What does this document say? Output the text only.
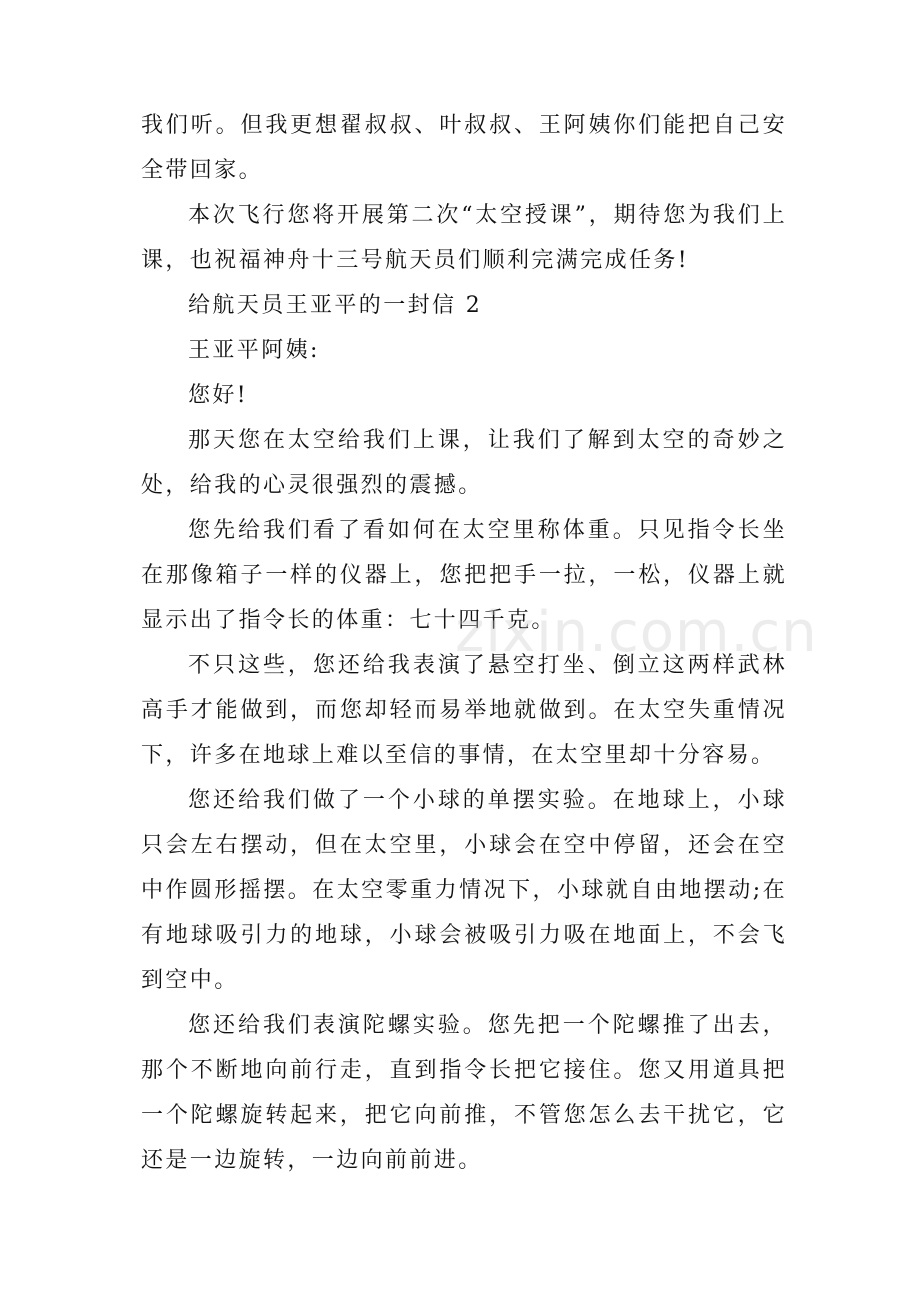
我们听。但我更想翟叔叔、叶叔叔、王阿姨你们能把自己安全带回家。

本次飞行您将开展第二次“太空授课”，期待您为我们上课，也祝福神舟十三号航天员们顺利完满完成任务!

给航天员王亚平的一封信 2

王亚平阿姨:

您好!

那天您在太空给我们上课，让我们了解到太空的奇妙之处，给我的心灵很强烈的震撼。

您先给我们看了看如何在太空里称体重。只见指令长坐在那像箱子一样的仪器上，您把把手一拉，一松，仪器上就显示出了指令长的体重：七十四千克。

不只这些，您还给我表演了悬空打坐、倒立这两样武林高手才能做到，而您却轻而易举地就做到。在太空失重情况下，许多在地球上难以至信的事情，在太空里却十分容易。

您还给我们做了一个小球的单摆实验。在地球上，小球只会左右摆动，但在太空里，小球会在空中停留，还会在空中作圆形摇摆。在太空零重力情况下，小球就自由地摆动;在有地球吸引力的地球，小球会被吸引力吸在地面上，不会飞到空中。

您还给我们表演陀螺实验。您先把一个陀螺推了出去，那个不断地向前行走，直到指令长把它接住。您又用道具把一个陀螺旋转起来，把它向前推，不管您怎么去干扰它，它还是一边旋转，一边向前前进。

zixin.com.cn
